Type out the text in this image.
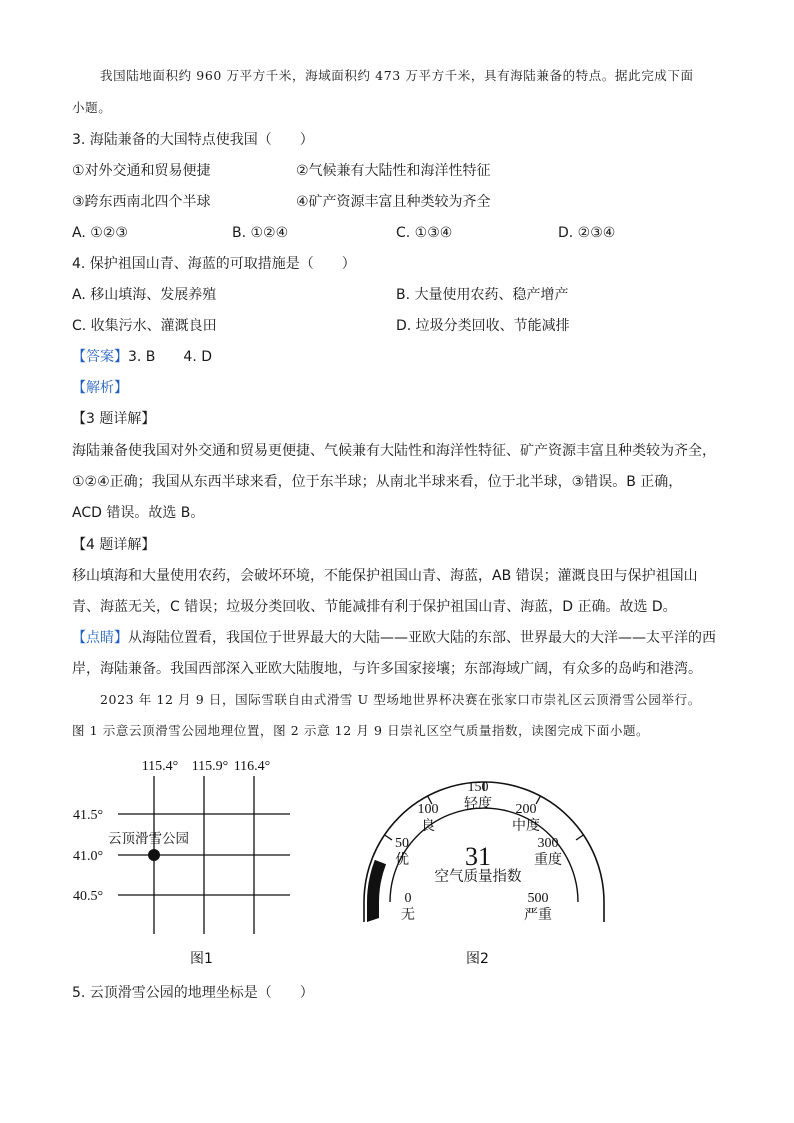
我国陆地面积约 960 万平方千米，海域面积约 473 万平方千米，具有海陆兼备的特点。据此完成下面
小题。
3. 海陆兼备的大国特点使我国（　　）
①对外交通和贸易便捷	②气候兼有大陆性和海洋性特征
③跨东西南北四个半球	④矿产资源丰富且种类较为齐全
A. ①②③	B. ①②④	C. ①③④	D. ②③④
4. 保护祖国山青、海蓝的可取措施是（　　）
A. 移山填海、发展养殖	B. 大量使用农药、稳产增产
C. 收集污水、灌溉良田	D. 垃圾分类回收、节能减排
【答案】3. B　　4. D
【解析】
【3 题详解】
海陆兼备使我国对外交通和贸易更便捷、气候兼有大陆性和海洋性特征、矿产资源丰富且种类较为齐全，
①②④正确；我国从东西半球来看，位于东半球；从南北半球来看，位于北半球，③错误。B 正确，
ACD 错误。故选 B。
【4 题详解】
移山填海和大量使用农药，会破坏环境，不能保护祖国山青、海蓝，AB 错误；灌溉良田与保护祖国山
青、海蓝无关，C 错误；垃圾分类回收、节能减排有利于保护祖国山青、海蓝，D 正确。故选 D。
【点睛】从海陆位置看，我国位于世界最大的大陆——亚欧大陆的东部、世界最大的大洋——太平洋的西
岸，海陆兼备。我国西部深入亚欧大陆腹地，与许多国家接壤；东部海域广阔，有众多的岛屿和港湾。
2023 年 12 月 9 日，国际雪联自由式滑雪 U 型场地世界杯决赛在张家口市崇礼区云顶滑雪公园举行。
图 1 示意云顶滑雪公园地理位置，图 2 示意 12 月 9 日崇礼区空气质量指数，读图完成下面小题。
115.4° 115.9° 116.4°
41.5°
41.0°
40.5°
云顶滑雪公园
图1
150
轻度
100
良
200
中度
50
优
300
重度
0
无
500
严重
31
空气质量指数
图2
5. 云顶滑雪公园的地理坐标是（　　）
